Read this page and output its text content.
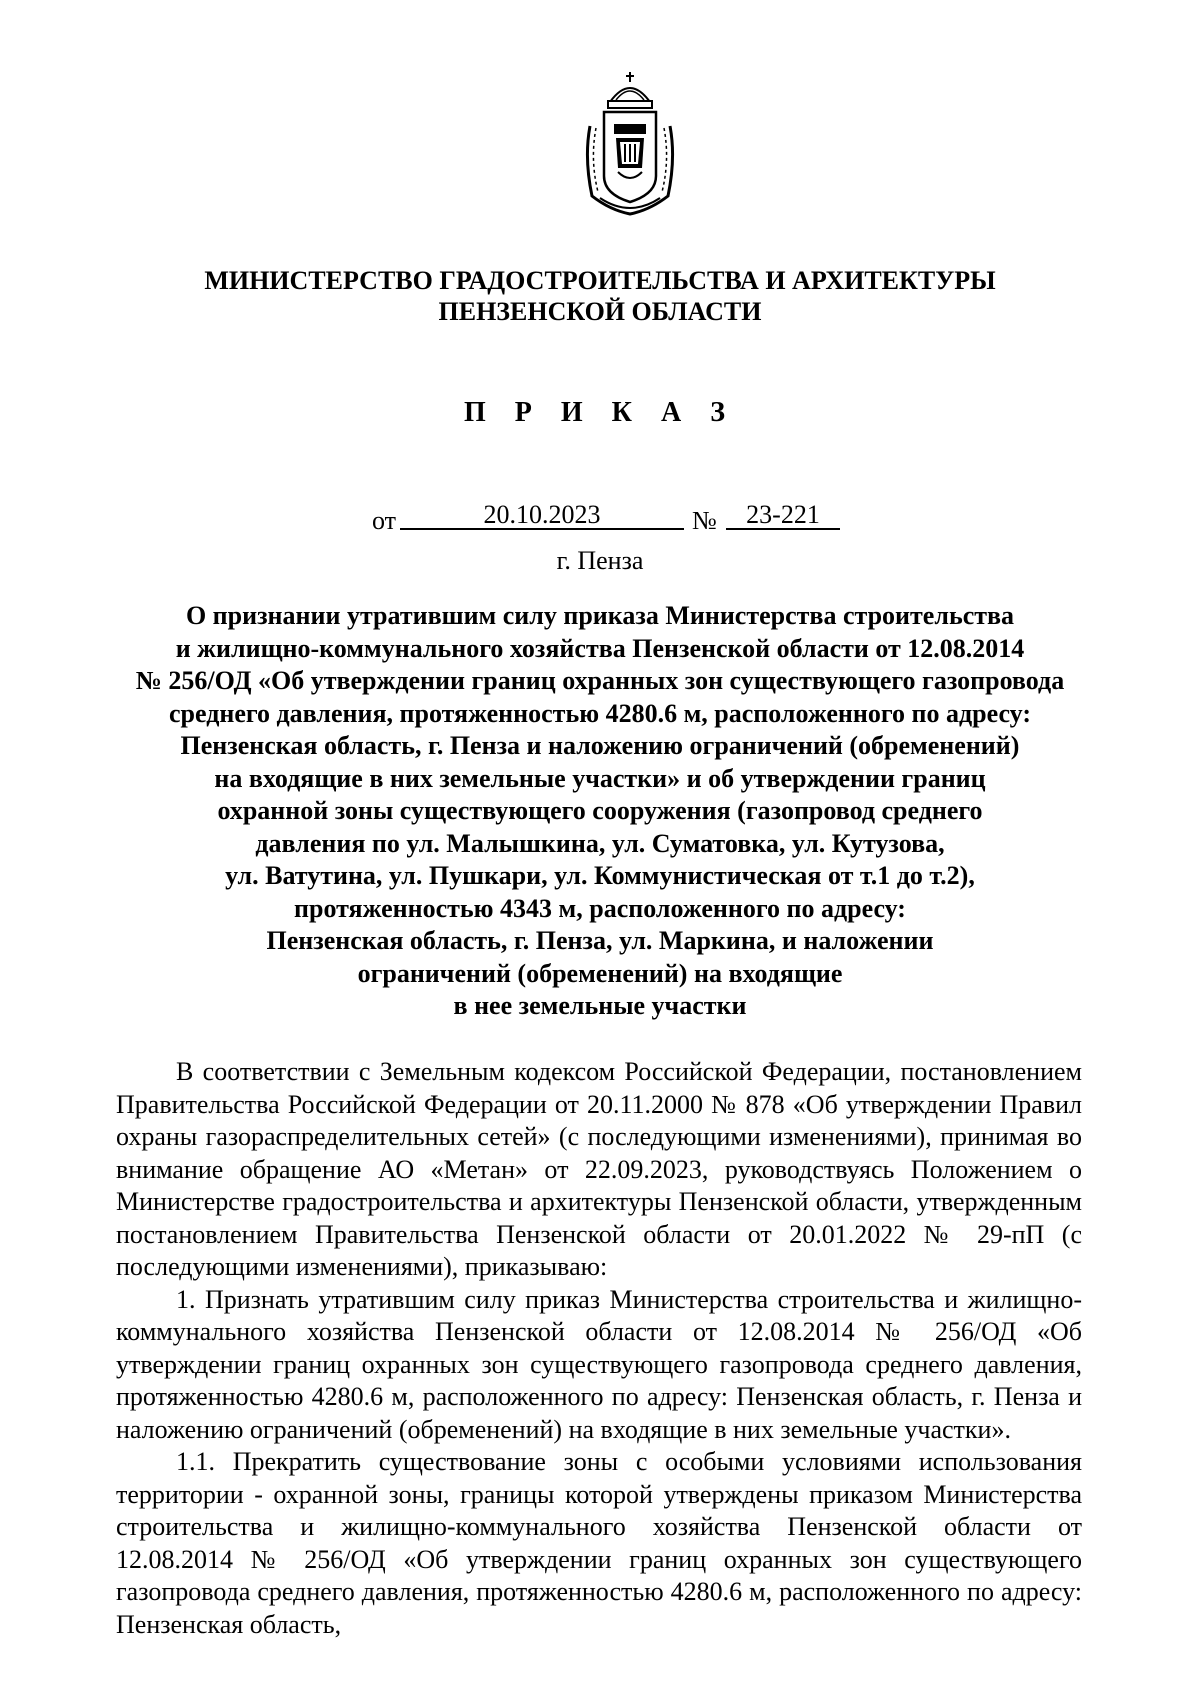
МИНИСТЕРСТВО ГРАДОСТРОИТЕЛЬСТВА И АРХИТЕКТУРЫ
ПЕНЗЕНСКОЙ ОБЛАСТИ
П Р И К А З
от	20.10.2023	№	23-221
г. Пенза
О признании утратившим силу приказа Министерства строительства
и жилищно-коммунального хозяйства Пензенской области от 12.08.2014
№ 256/ОД «Об утверждении границ охранных зон существующего газопровода
среднего давления, протяженностью 4280.6 м, расположенного по адресу:
Пензенская область, г. Пенза и наложению ограничений (обременений)
на входящие в них земельные участки» и об утверждении границ
охранной зоны существующего сооружения (газопровод среднего
давления по ул. Малышкина, ул. Суматовка, ул. Кутузова,
ул. Ватутина, ул. Пушкари, ул. Коммунистическая от т.1 до т.2),
протяженностью 4343 м, расположенного по адресу:
Пензенская область, г. Пенза, ул. Маркина, и наложении
ограничений (обременений) на входящие
в нее земельные участки

В соответствии с Земельным кодексом Российской Федерации, постановлением Правительства Российской Федерации от 20.11.2000 № 878 «Об утверждении Правил охраны газораспределительных сетей» (с последующими изменениями), принимая во внимание обращение АО «Метан» от 22.09.2023, руководствуясь Положением о Министерстве градостроительства и архитектуры Пензенской области, утвержденным постановлением Правительства Пензенской области от 20.01.2022 № 29-пП (с последующими изменениями), приказываю:

1. Признать утратившим силу приказ Министерства строительства и жилищно-коммунального хозяйства Пензенской области от 12.08.2014 № 256/ОД «Об утверждении границ охранных зон существующего газопровода среднего давления, протяженностью 4280.6 м, расположенного по адресу: Пензенская область, г. Пенза и наложению ограничений (обременений) на входящие в них земельные участки».

1.1. Прекратить существование зоны с особыми условиями использования территории - охранной зоны, границы которой утверждены приказом Министерства строительства и жилищно-коммунального хозяйства Пензенской области от 12.08.2014 № 256/ОД «Об утверждении границ охранных зон существующего газопровода среднего давления, протяженностью 4280.6 м, расположенного по адресу: Пензенская область,
